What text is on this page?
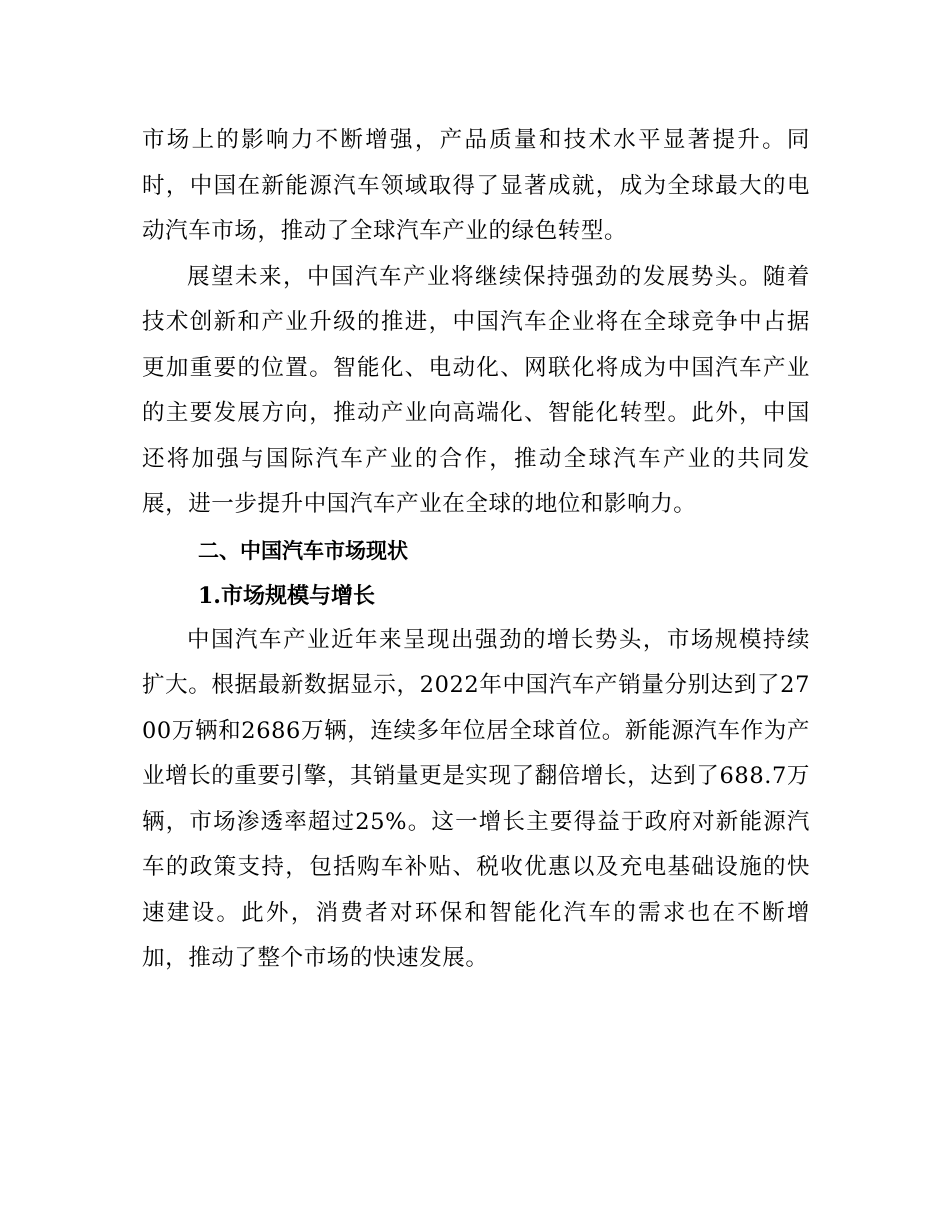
市场上的影响力不断增强，产品质量和技术水平显著提升。同时，中国在新能源汽车领域取得了显著成就，成为全球最大的电动汽车市场，推动了全球汽车产业的绿色转型。

展望未来，中国汽车产业将继续保持强劲的发展势头。随着技术创新和产业升级的推进，中国汽车企业将在全球竞争中占据更加重要的位置。智能化、电动化、网联化将成为中国汽车产业的主要发展方向，推动产业向高端化、智能化转型。此外，中国还将加强与国际汽车产业的合作，推动全球汽车产业的共同发展，进一步提升中国汽车产业在全球的地位和影响力。

二、中国汽车市场现状
1.市场规模与增长

中国汽车产业近年来呈现出强劲的增长势头，市场规模持续扩大。根据最新数据显示，2022年中国汽车产销量分别达到了2700万辆和2686万辆，连续多年位居全球首位。新能源汽车作为产业增长的重要引擎，其销量更是实现了翻倍增长，达到了688.7万辆，市场渗透率超过25%。这一增长主要得益于政府对新能源汽车的政策支持，包括购车补贴、税收优惠以及充电基础设施的快速建设。此外，消费者对环保和智能化汽车的需求也在不断增加，推动了整个市场的快速发展。
